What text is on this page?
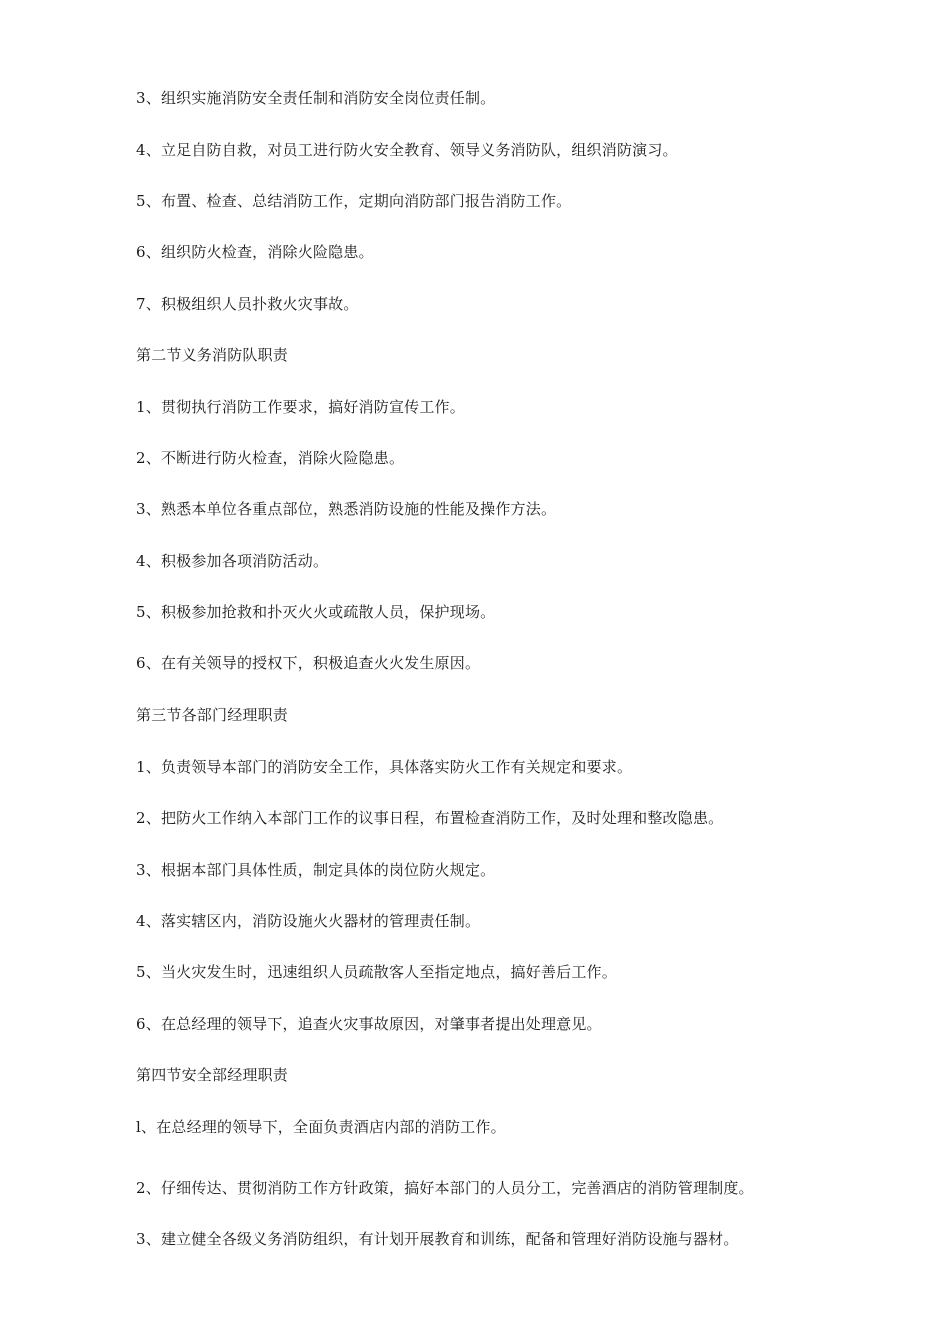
3、组织实施消防安全责任制和消防安全岗位责任制。

4、立足自防自救，对员工进行防火安全教育、领导义务消防队，组织消防演习。

5、布置、检查、总结消防工作，定期向消防部门报告消防工作。

6、组织防火检查，消除火险隐患。

7、积极组织人员扑救火灾事故。

第二节义务消防队职责

1、贯彻执行消防工作要求，搞好消防宣传工作。

2、不断进行防火检查，消除火险隐患。

3、熟悉本单位各重点部位，熟悉消防设施的性能及操作方法。

4、积极参加各项消防活动。

5、积极参加抢救和扑灭火火或疏散人员，保护现场。

6、在有关领导的授权下，积极追查火火发生原因。

第三节各部门经理职责

1、负责领导本部门的消防安全工作，具体落实防火工作有关规定和要求。

2、把防火工作纳入本部门工作的议事日程，布置检查消防工作，及时处理和整改隐患。

3、根据本部门具体性质，制定具体的岗位防火规定。

4、落实辖区内，消防设施火火器材的管理责任制。

5、当火灾发生时，迅速组织人员疏散客人至指定地点，搞好善后工作。

6、在总经理的领导下，追查火灾事故原因，对肇事者提出处理意见。

第四节安全部经理职责

l、在总经理的领导下，全面负责酒店内部的消防工作。

2、仔细传达、贯彻消防工作方针政策，搞好本部门的人员分工，完善酒店的消防管理制度。

3、建立健全各级义务消防组织，有计划开展教育和训练，配备和管理好消防设施与器材。
